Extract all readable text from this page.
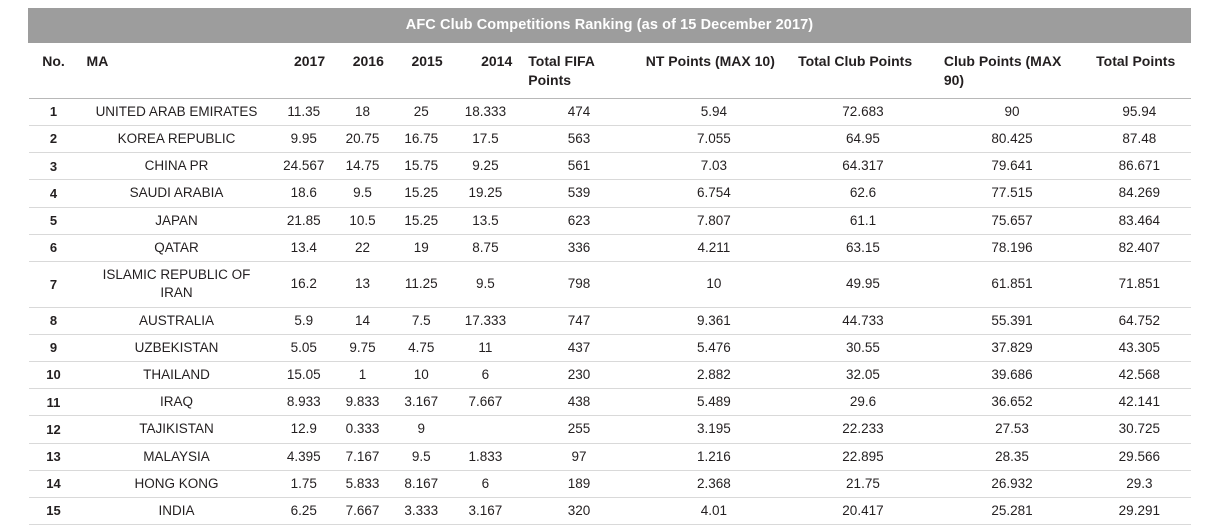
AFC Club Competitions Ranking (as of 15 December 2017)										
No.	MA	2017	2016	2015	2014	Total FIFA Points	NT Points (MAX 10)	Total Club Points	Club Points (MAX 90)	Total Points
1	UNITED ARAB EMIRATES	11.35	18	25	18.333	474	5.94	72.683	90	95.94
2	KOREA REPUBLIC	9.95	20.75	16.75	17.5	563	7.055	64.95	80.425	87.48
3	CHINA PR	24.567	14.75	15.75	9.25	561	7.03	64.317	79.641	86.671
4	SAUDI ARABIA	18.6	9.5	15.25	19.25	539	6.754	62.6	77.515	84.269
5	JAPAN	21.85	10.5	15.25	13.5	623	7.807	61.1	75.657	83.464
6	QATAR	13.4	22	19	8.75	336	4.211	63.15	78.196	82.407
7	ISLAMIC REPUBLIC OF IRAN	16.2	13	11.25	9.5	798	10	49.95	61.851	71.851
8	AUSTRALIA	5.9	14	7.5	17.333	747	9.361	44.733	55.391	64.752
9	UZBEKISTAN	5.05	9.75	4.75	11	437	5.476	30.55	37.829	43.305
10	THAILAND	15.05	1	10	6	230	2.882	32.05	39.686	42.568
11	IRAQ	8.933	9.833	3.167	7.667	438	5.489	29.6	36.652	42.141
12	TAJIKISTAN	12.9	0.333	9		255	3.195	22.233	27.53	30.725
13	MALAYSIA	4.395	7.167	9.5	1.833	97	1.216	22.895	28.35	29.566
14	HONG KONG	1.75	5.833	8.167	6	189	2.368	21.75	26.932	29.3
15	INDIA	6.25	7.667	3.333	3.167	320	4.01	20.417	25.281	29.291
